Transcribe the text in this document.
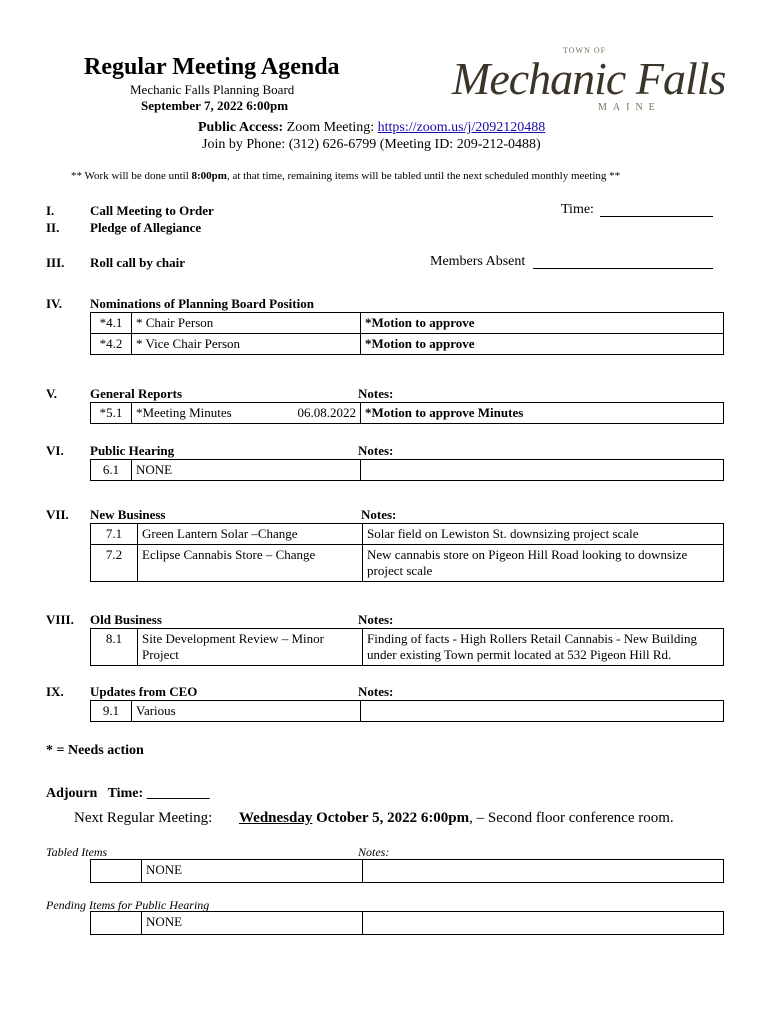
Regular Meeting Agenda
Mechanic Falls Planning Board
September 7, 2022 6:00pm
TOWN OF
Mechanic Falls
MAINE
Public Access: Zoom Meeting: https://zoom.us/j/2092120488
Join by Phone: (312) 626-6799 (Meeting ID: 209-212-0488)
** Work will be done until 8:00pm, at that time, remaining items will be tabled until the next scheduled monthly meeting **
I.	Call Meeting to Order	Time:
II. Pledge of Allegiance
III. Roll call by chair	Members Absent
IV. Nominations of Planning Board Position
*4.1	* Chair Person	*Motion to approve
*4.2	* Vice Chair Person	*Motion to approve
V.	General Reports	Notes:
*5.1	*Meeting Minutes	06.08.2022	*Motion to approve Minutes
VI. Public Hearing	Notes:
6.1	NONE	
VII. New Business	Notes:
7.1	Green Lantern Solar –Change	Solar field on Lewiston St. downsizing project scale
7.2	Eclipse Cannabis Store – Change	New cannabis store on Pigeon Hill Road looking to downsize project scale
VIII. Old Business	Notes:
8.1	Site Development Review – Minor Project	Finding of facts - High Rollers Retail Cannabis - New Building under existing Town permit located at 532 Pigeon Hill Rd.
IX. Updates from CEO	Notes:
9.1	Various	
* = Needs action
Adjourn   Time: _________
Next Regular Meeting: Wednesday October 5, 2022 6:00pm, – Second floor conference room.
Tabled Items	Notes:
	NONE	
Pending Items for Public Hearing
	NONE	
